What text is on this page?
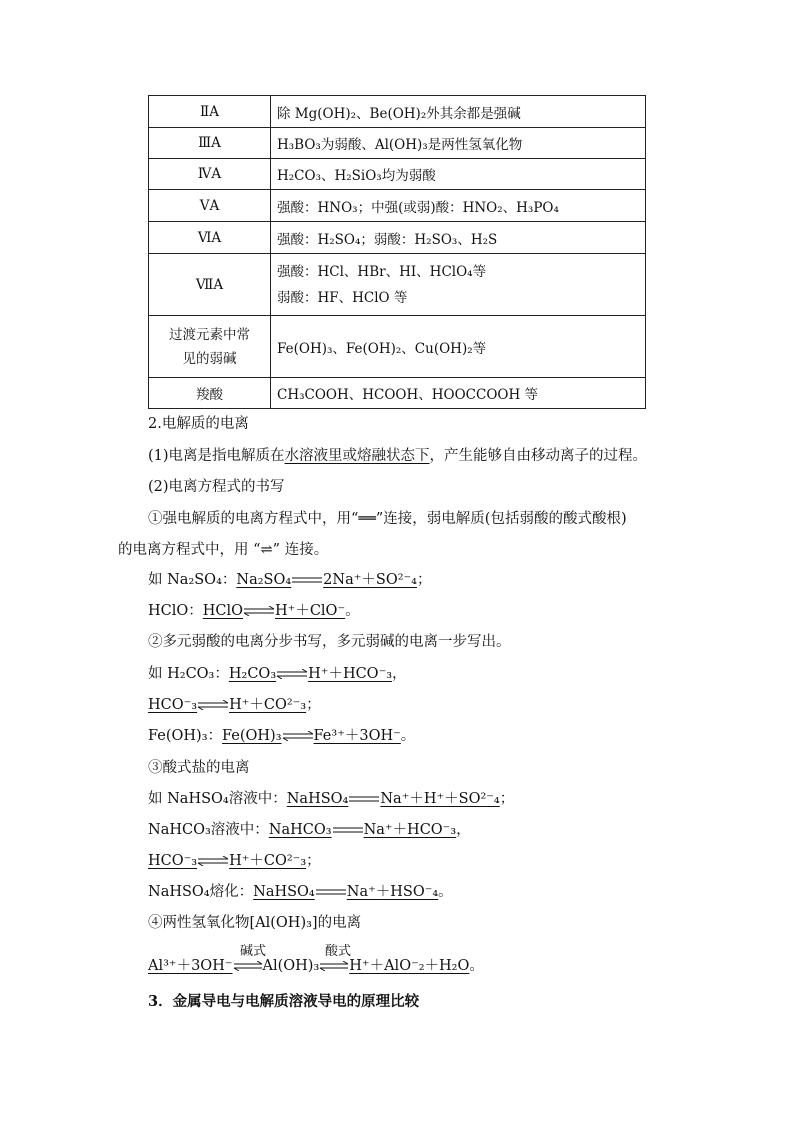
ⅡA	除 Mg(OH)₂、Be(OH)₂外其余都是强碱
ⅢA	H₃BO₃为弱酸、Al(OH)₃是两性氢氧化物
ⅣA	H₂CO₃、H₂SiO₃均为弱酸
ⅤA	强酸：HNO₃；中强(或弱)酸：HNO₂、H₃PO₄
ⅥA	强酸：H₂SO₄；弱酸：H₂SO₃、H₂S
ⅦA	强酸：HCl、HBr、HI、HClO₄等
弱酸：HF、HClO 等

过渡元素中常见的弱碱	Fe(OH)₃、Fe(OH)₂、Cu(OH)₂等
羧酸	CH₃COOH、HCOOH、HOOCCOOH 等
2.电解质的电离
(1)电离是指电解质在水溶液里或熔融状态下，产生能够自由移动离子的过程。
(2)电离方程式的书写
①强电解质的电离方程式中，用“══”连接，弱电解质(包括弱酸的酸式酸根)
的电离方程式中，用 “⇌” 连接。
如 Na₂SO₄：Na₂SO₄ 2Na⁺＋SO²⁻₄；
HClO：HClO⇌H⁺＋ClO⁻。
②多元弱酸的电离分步书写，多元弱碱的电离一步写出。
如 H₂CO₃：H₂CO₃⇌H⁺＋HCO⁻₃，
HCO⁻₃⇌H⁺＋CO²⁻₃；
Fe(OH)₃：Fe(OH)₃⇌Fe³⁺＋3OH⁻。
③酸式盐的电离
如 NaHSO₄溶液中：NaHSO₄ Na⁺＋H⁺＋SO²⁻₄；
NaHCO₃溶液中：NaHCO₃ Na⁺＋HCO⁻₃，
HCO⁻₃⇌H⁺＋CO²⁻₃；
NaHSO₄熔化：NaHSO₄ Na⁺＋HSO⁻₄。
④两性氢氧化物[Al(OH)₃]的电离
碱式	酸式
Al³⁺＋3OH⁻⇌Al(OH)₃⇌H⁺＋AlO⁻₂＋H₂O。
3．金属导电与电解质溶液导电的原理比较
